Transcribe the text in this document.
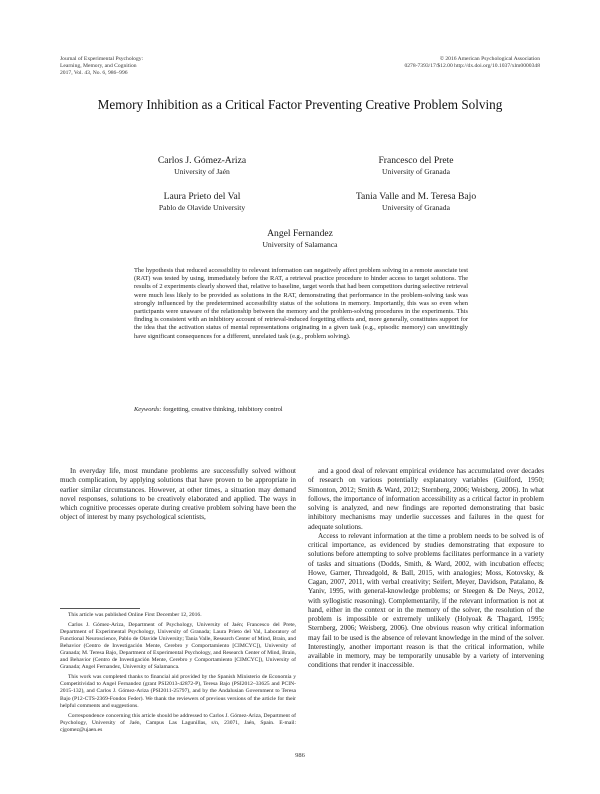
Journal of Experimental Psychology:
Learning, Memory, and Cognition
2017, Vol. 43, No. 6, 986–996
© 2016 American Psychological Association
0278-7393/17/$12.00 http://dx.doi.org/10.1037/xlm0000348
Memory Inhibition as a Critical Factor Preventing Creative Problem Solving
Carlos J. Gómez-Ariza
University of Jaén
Francesco del Prete
University of Granada
Laura Prieto del Val
Pablo de Olavide University
Tania Valle and M. Teresa Bajo
University of Granada
Angel Fernandez
University of Salamanca
The hypothesis that reduced accessibility to relevant information can negatively affect problem solving in a remote associate test (RAT) was tested by using, immediately before the RAT, a retrieval practice procedure to hinder access to target solutions. The results of 2 experiments clearly showed that, relative to baseline, target words that had been competitors during selective retrieval were much less likely to be provided as solutions in the RAT, demonstrating that performance in the problem-solving task was strongly influenced by the predetermined accessibility status of the solutions in memory. Importantly, this was so even when participants were unaware of the relationship between the memory and the problem-solving procedures in the experiments. This finding is consistent with an inhibitory account of retrieval-induced forgetting effects and, more generally, constitutes support for the idea that the activation status of mental representations originating in a given task (e.g., episodic memory) can unwittingly have significant consequences for a different, unrelated task (e.g., problem solving).
Keywords: forgetting, creative thinking, inhibitory control

In everyday life, most mundane problems are successfully solved without much complication, by applying solutions that have proven to be appropriate in earlier similar circumstances. However, at other times, a situation may demand novel responses, solutions to be creatively elaborated and applied. The ways in which cognitive processes operate during creative problem solving have been the object of interest by many psychological scientists,

and a good deal of relevant empirical evidence has accumulated over decades of research on various potentially explanatory variables (Guilford, 1950; Simonton, 2012; Smith & Ward, 2012; Sternberg, 2006; Weisberg, 2006). In what follows, the importance of information accessibility as a critical factor in problem solving is analyzed, and new findings are reported demonstrating that basic inhibitory mechanisms may underlie successes and failures in the quest for adequate solutions.

Access to relevant information at the time a problem needs to be solved is of critical importance, as evidenced by studies demonstrating that exposure to solutions before attempting to solve problems facilitates performance in a variety of tasks and situations (Dodds, Smith, & Ward, 2002, with incubation effects; Howe, Garner, Threadgold, & Ball, 2015, with analogies; Moss, Kotovsky, & Cagan, 2007, 2011, with verbal creativity; Seifert, Meyer, Davidson, Patalano, & Yaniv, 1995, with general-knowledge problems; or Steegen & De Neys, 2012, with syllogistic reasoning). Complementarily, if the relevant information is not at hand, either in the context or in the memory of the solver, the resolution of the problem is impossible or extremely unlikely (Holyoak & Thagard, 1995; Sternberg, 2006; Weisberg, 2006). One obvious reason why critical information may fail to be used is the absence of relevant knowledge in the mind of the solver. Interestingly, another important reason is that the critical information, while available in memory, may be temporarily unusable by a variety of intervening conditions that render it inaccessible.

This article was published Online First December 12, 2016.

Carlos J. Gómez-Ariza, Department of Psychology, University of Jaén; Francesco del Prete, Department of Experimental Psychology, University of Granada; Laura Prieto del Val, Laboratory of Functional Neuroscience, Pablo de Olavide University; Tania Valle, Research Center of Mind, Brain, and Behavior (Centro de Investigación Mente, Cerebro y Comportamiento [CIMCYC]), University of Granada; M. Teresa Bajo, Department of Experimental Psychology, and Research Center of Mind, Brain, and Behavior (Centro de Investigación Mente, Cerebro y Comportamiento [CIMCYC]), University of Granada; Angel Fernandez, University of Salamanca.

This work was completed thanks to financial aid provided by the Spanish Ministerio de Economía y Competitividad to Angel Fernandez (grant PSI2013-42872-P), Teresa Bajo (PSI2012–33625 and PCIN-2015-132), and Carlos J. Gómez-Ariza (PSI2011-25797), and by the Andalusian Government to Teresa Bajo (P12-CTS-2369-Fondos Feder). We thank the reviewers of previous versions of the article for their helpful comments and suggestions.

Correspondence concerning this article should be addressed to Carlos J. Gómez-Ariza, Department of Psychology, University of Jaén, Campus Las Lagunillas, s/n, 23071, Jaén, Spain. E-mail: cjgomez@ujaen.es

986
